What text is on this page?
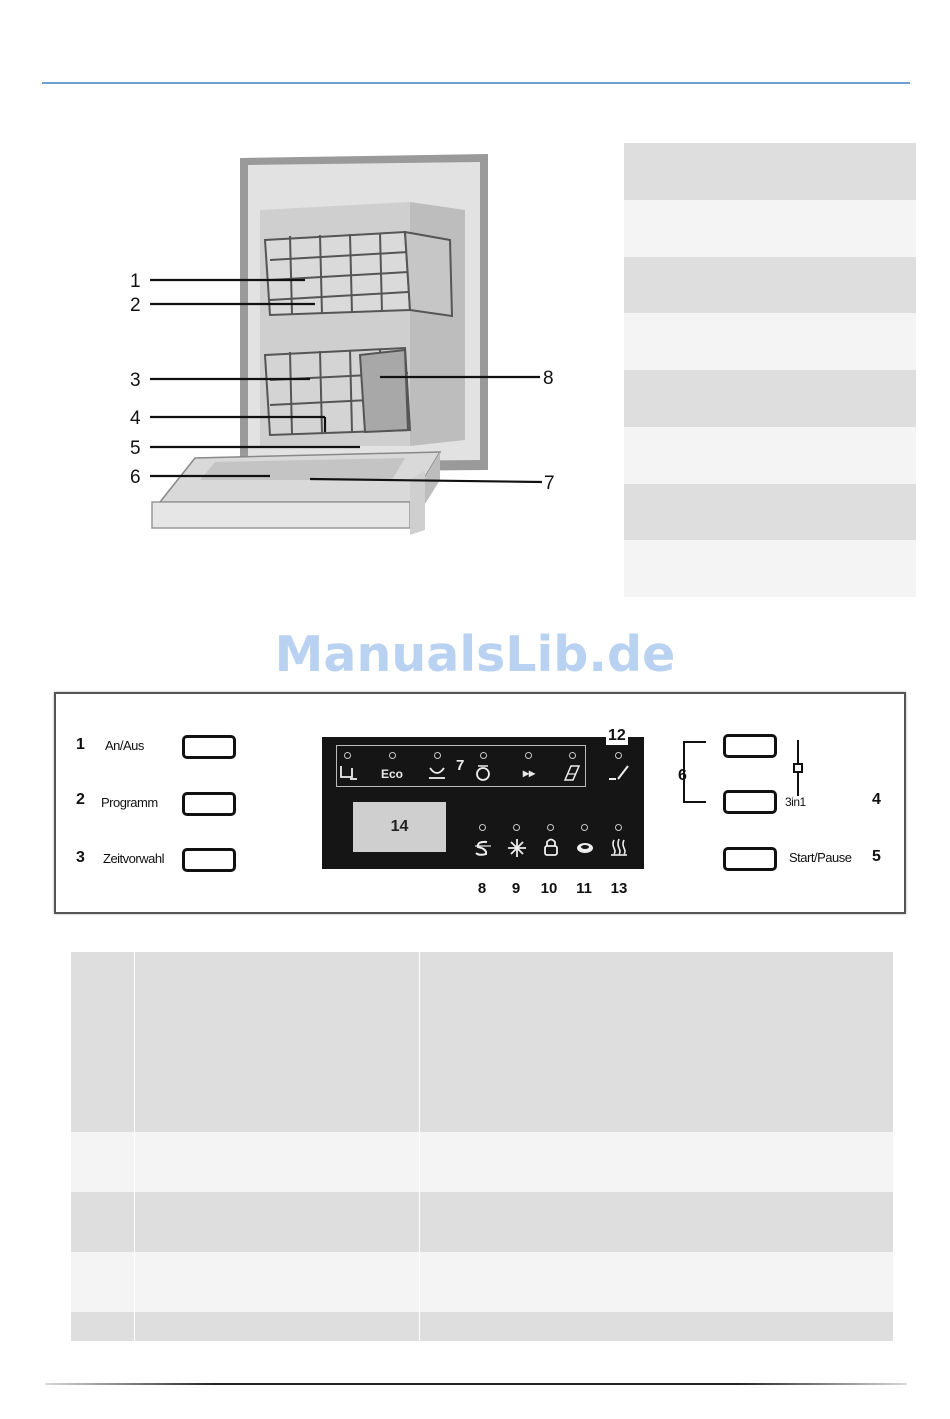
1
2
3
4
5
6
8
7
ManualsLib.de
1 An/Aus
2 Programm
3 Zeitvorwahl
Eco	7	▸▸
14
12
8	9	10	11	13
6
3in1	4
Start/Pause 5
